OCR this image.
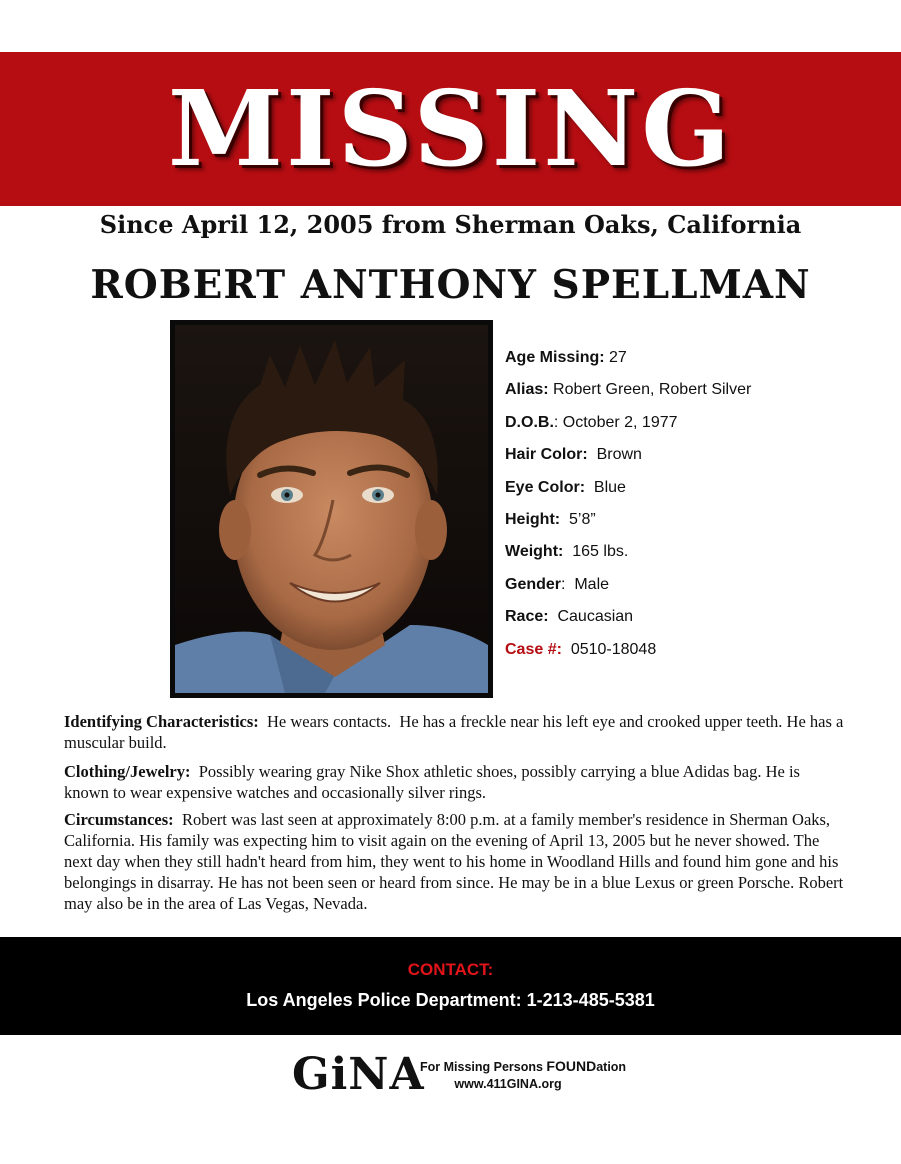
MISSING
Since April 12, 2005 from Sherman Oaks, California
ROBERT ANTHONY SPELLMAN
Age Missing: 27
Alias: Robert Green, Robert Silver
D.O.B.: October 2, 1977
Hair Color:  Brown
Eye Color:  Blue
Height:  5’8”
Weight:  165 lbs.
Gender:  Male
Race:  Caucasian
Case #:  0510-18048
Identifying Characteristics:  He wears contacts.  He has a freckle near his left eye and crooked upper teeth. He has a muscular build.
Clothing/Jewelry:  Possibly wearing gray Nike Shox athletic shoes, possibly carrying a blue Adidas bag. He is known to wear expensive watches and occasionally silver rings.
Circumstances:  Robert was last seen at approximately 8:00 p.m. at a family member's residence in Sherman Oaks, California. His family was expecting him to visit again on the evening of April 13, 2005 but he never showed. The next day when they still hadn't heard from him, they went to his home in Woodland Hills and found him gone and his belongings in disarray. He has not been seen or heard from since. He may be in a blue Lexus or green Porsche. Robert may also be in the area of Las Vegas, Nevada.
CONTACT:
Los Angeles Police Department: 1-213-485-5381
GiNA
For Missing Persons FOUNDation
www.411GINA.org
